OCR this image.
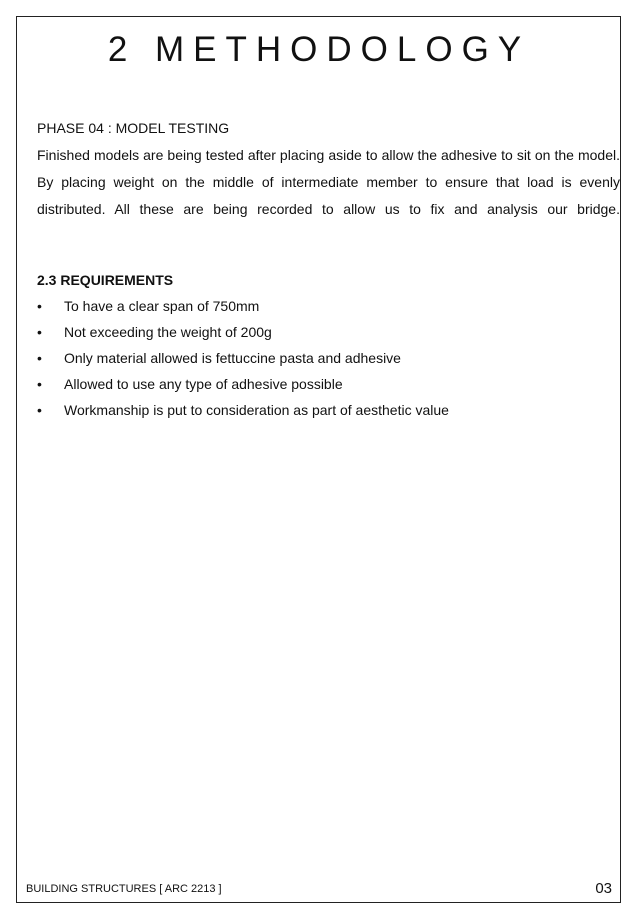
2 METHODOLOGY

PHASE 04 : MODEL TESTING

Finished models are being tested after placing aside to allow the adhesive to sit on the model.
By placing weight on the middle of intermediate member to ensure that load is evenly
distributed. All these are being recorded to allow us to fix and analysis our bridge.

2.3 REQUIREMENTS

•	To have a clear span of 750mm
•	Not exceeding the weight of 200g
•	Only material allowed is fettuccine pasta and adhesive
•	Allowed to use any type of adhesive possible
•	Workmanship is put to consideration as part of aesthetic value

BUILDING STRUCTURES [ ARC 2213 ]	03
